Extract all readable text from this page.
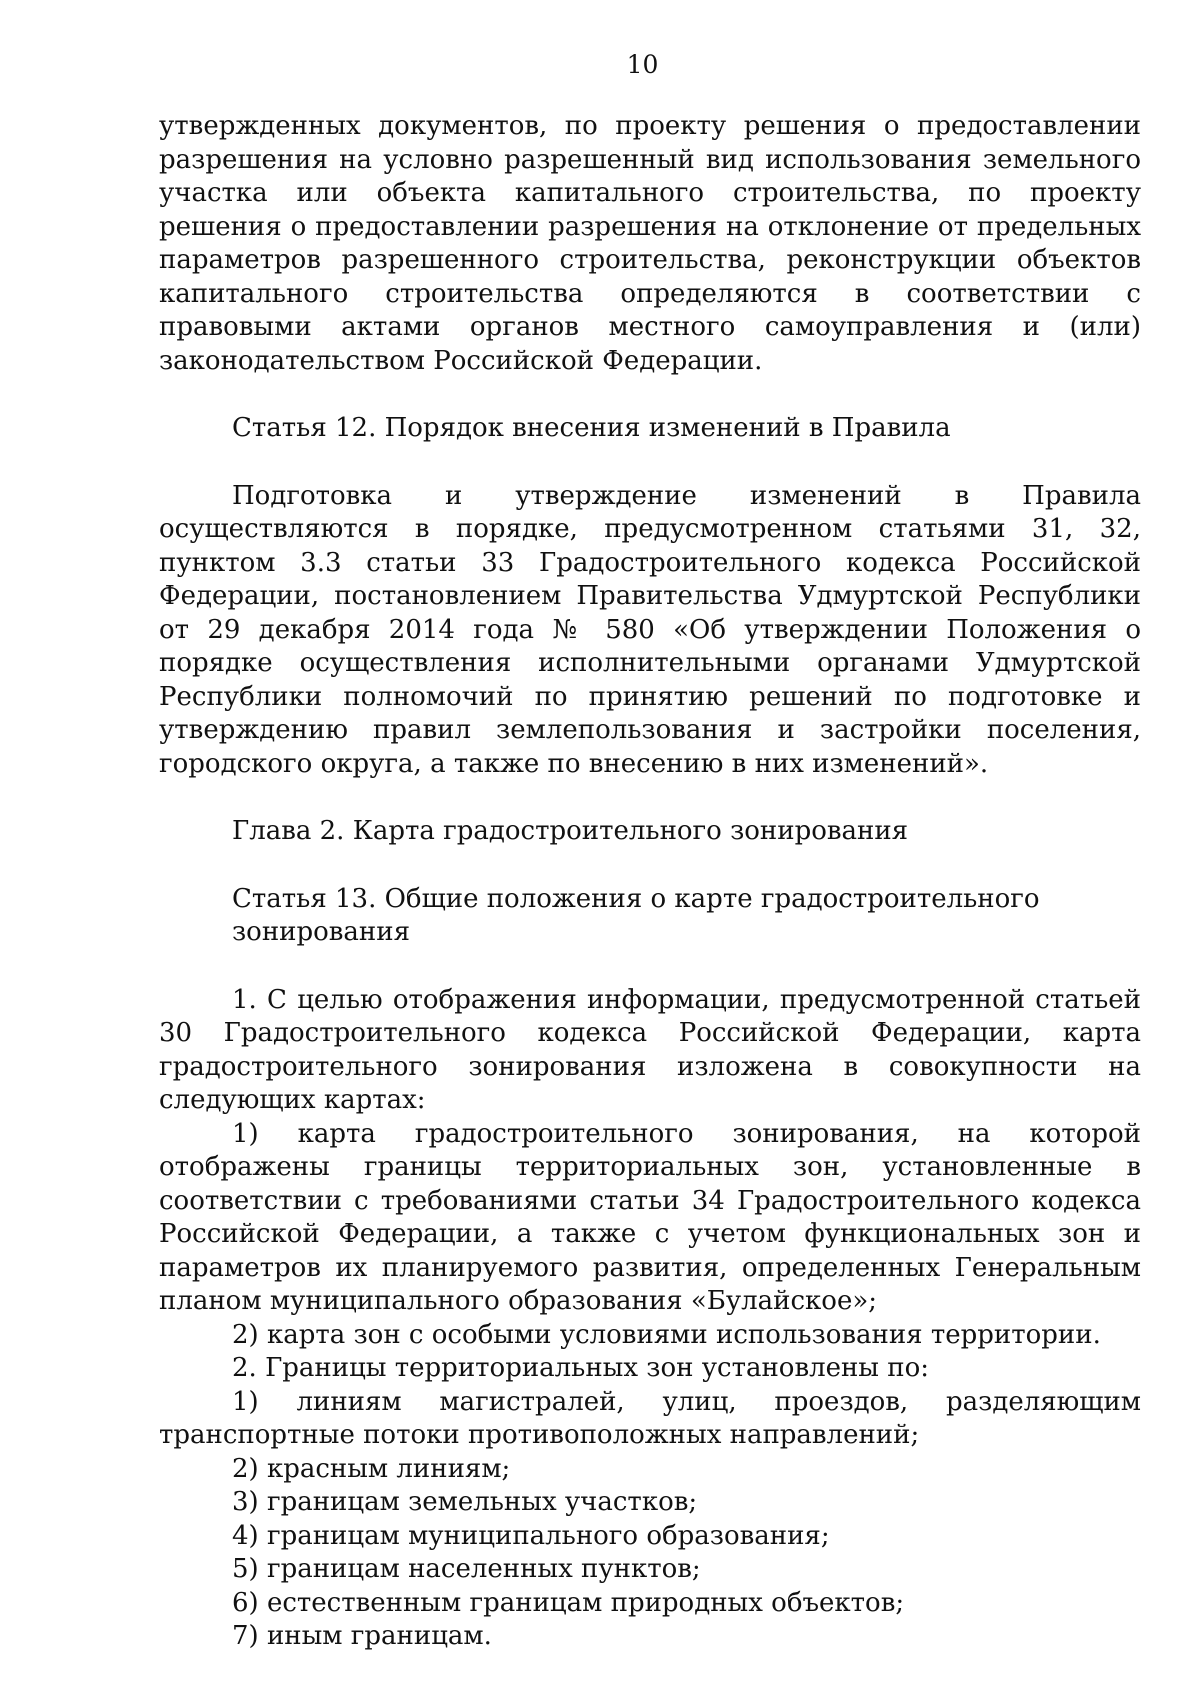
10

утвержденных документов, по проекту решения о предоставлении разрешения на условно разрешенный вид использования земельного участка или объекта капитального строительства, по проекту решения о предоставлении разрешения на отклонение от предельных параметров разрешенного строительства, реконструкции объектов капитального строительства определяются в соответствии с правовыми актами органов местного самоуправления и (или) законодательством Российской Федерации.

Статья 12. Порядок внесения изменений в Правила

Подготовка и утверждение изменений в Правила осуществляются в порядке, предусмотренном статьями 31, 32, пунктом 3.3 статьи 33 Градостроительного кодекса Российской Федерации, постановлением Правительства Удмуртской Республики от 29 декабря 2014 года № 580 «Об утверждении Положения о порядке осуществления исполнительными органами Удмуртской Республики полномочий по принятию решений по подготовке и утверждению правил землепользования и застройки поселения, городского округа, а также по внесению в них изменений».

Глава 2. Карта градостроительного зонирования

Статья 13. Общие положения о карте градостроительного зонирования

1. С целью отображения информации, предусмотренной статьей 30 Градостроительного кодекса Российской Федерации, карта градостроительного зонирования изложена в совокупности на следующих картах:

1) карта градостроительного зонирования, на которой отображены границы территориальных зон, установленные в соответствии с требованиями статьи 34 Градостроительного кодекса Российской Федерации, а также с учетом функциональных зон и параметров их планируемого развития, определенных Генеральным планом муниципального образования «Булайское»;

2) карта зон с особыми условиями использования территории.

2. Границы территориальных зон установлены по:

1) линиям магистралей, улиц, проездов, разделяющим транспортные потоки противоположных направлений;

2) красным линиям;

3) границам земельных участков;

4) границам муниципального образования;

5) границам населенных пунктов;

6) естественным границам природных объектов;

7) иным границам.
